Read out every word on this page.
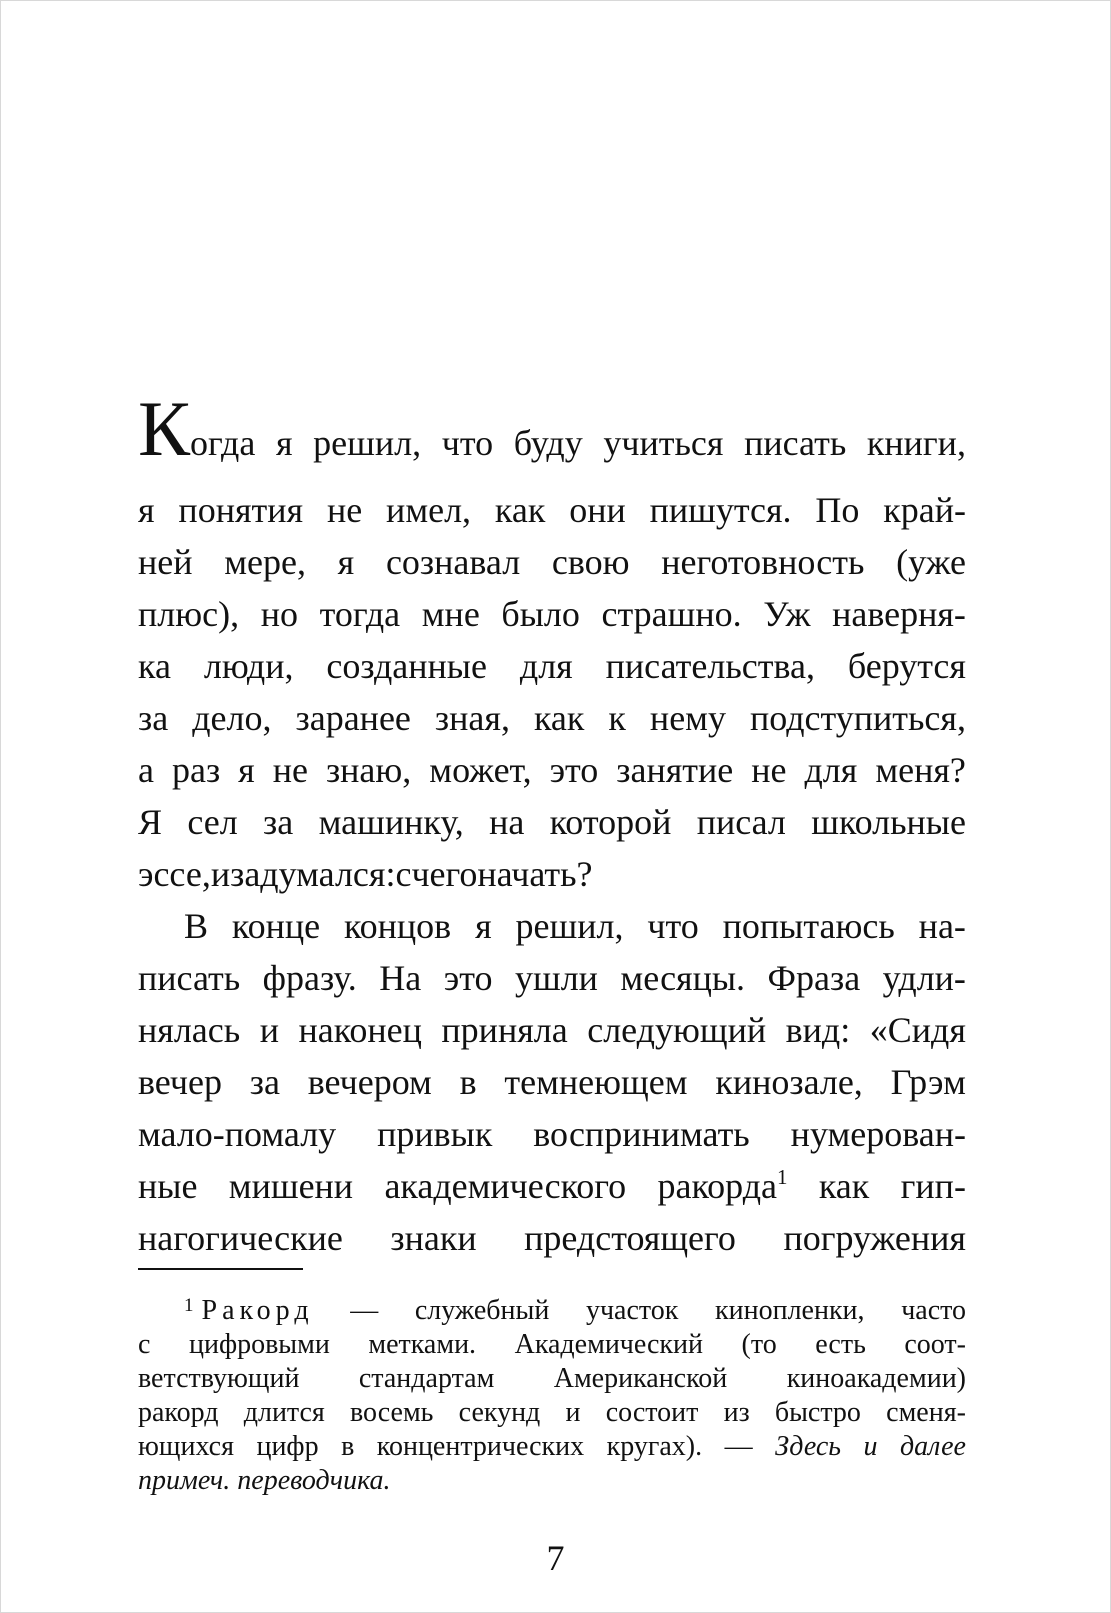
К огда я решил, что буду учиться писать книги,
я понятия не имел, как они пишутся. По край-
ней мере, я сознавал свою неготовность (уже
плюс), но тогда мне было страшно. Уж наверня-
ка люди, созданные для писательства, берутся
за дело, заранее зная, как к нему подступиться,
а раз я не знаю, может, это занятие не для меня?
Я сел за машинку, на которой писал школьные
эссе, и задумался: с чего начать?
В конце концов я решил, что попытаюсь на-
писать фразу. На это ушли месяцы. Фраза удли-
нялась и наконец приняла следующий вид: «Сидя
вечер за вечером в темнеющем кинозале, Грэм
мало-помалу привык воспринимать нумерован-
ные мишени академического ракорда$^1$ как гип-
нагогические знаки предстоящего погружения
$^1$ Ракорд — служебный участок кинопленки, часто
с цифровыми метками. Академический (то есть соот-
ветствующий стандартам Американской киноакадемии)
ракорд длится восемь секунд и состоит из быстро сменя-
ющихся цифр в концентрических кругах). — Здесь и далее
примеч. переводчика.
7
